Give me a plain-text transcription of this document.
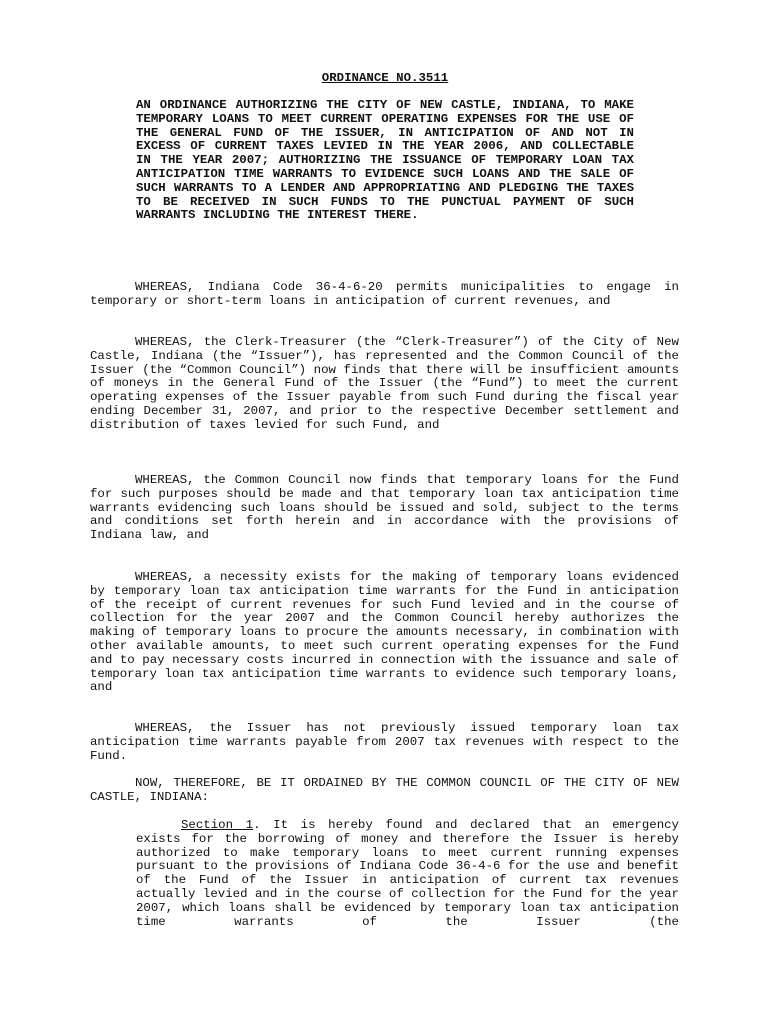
ORDINANCE NO.3511

AN ORDINANCE AUTHORIZING THE CITY OF NEW CASTLE, INDIANA, TO MAKE TEMPORARY LOANS TO MEET CURRENT OPERATING EXPENSES FOR THE USE OF THE GENERAL FUND OF THE ISSUER, IN ANTICIPATION OF AND NOT IN EXCESS OF CURRENT TAXES LEVIED IN THE YEAR 2006, AND COLLECTABLE IN THE YEAR 2007; AUTHORIZING THE ISSUANCE OF TEMPORARY LOAN TAX ANTICIPATION TIME WARRANTS TO EVIDENCE SUCH LOANS AND THE SALE OF SUCH WARRANTS TO A LENDER AND APPROPRIATING AND PLEDGING THE TAXES TO BE RECEIVED IN SUCH FUNDS TO THE PUNCTUAL PAYMENT OF SUCH WARRANTS INCLUDING THE INTEREST THERE.

WHEREAS, Indiana Code 36-4-6-20 permits municipalities to engage in temporary or short-term loans in anticipation of current revenues, and

WHEREAS, the Clerk-Treasurer (the “Clerk-Treasurer”) of the City of New Castle, Indiana (the “Issuer”), has represented and the Common Council of the Issuer (the “Common Council”) now finds that there will be insufficient amounts of moneys in the General Fund of the Issuer (the “Fund”) to meet the current operating expenses of the Issuer payable from such Fund during the fiscal year ending December 31, 2007, and prior to the respective December settlement and distribution of taxes levied for such Fund, and

WHEREAS, the Common Council now finds that temporary loans for the Fund for such purposes should be made and that temporary loan tax anticipation time warrants evidencing such loans should be issued and sold, subject to the terms and conditions set forth herein and in accordance with the provisions of Indiana law, and

WHEREAS, a necessity exists for the making of temporary loans evidenced by temporary loan tax anticipation time warrants for the Fund in anticipation of the receipt of current revenues for such Fund levied and in the course of collection for the year 2007 and the Common Council hereby authorizes the making of temporary loans to procure the amounts necessary, in combination with other available amounts, to meet such current operating expenses for the Fund and to pay necessary costs incurred in connection with the issuance and sale of temporary loan tax anticipation time warrants to evidence such temporary loans, and

WHEREAS, the Issuer has not previously issued temporary loan tax anticipation time warrants payable from 2007 tax revenues with respect to the Fund.

NOW, THEREFORE, BE IT ORDAINED BY THE COMMON COUNCIL OF THE CITY OF NEW CASTLE, INDIANA:

Section 1. It is hereby found and declared that an emergency exists for the borrowing of money and therefore the Issuer is hereby authorized to make temporary loans to meet current running expenses pursuant to the provisions of Indiana Code 36-4-6 for the use and benefit of the Fund of the Issuer in anticipation of current tax revenues actually levied and in the course of collection for the Fund for the year 2007, which loans shall be evidenced by temporary loan tax anticipation time warrants of the Issuer (the
